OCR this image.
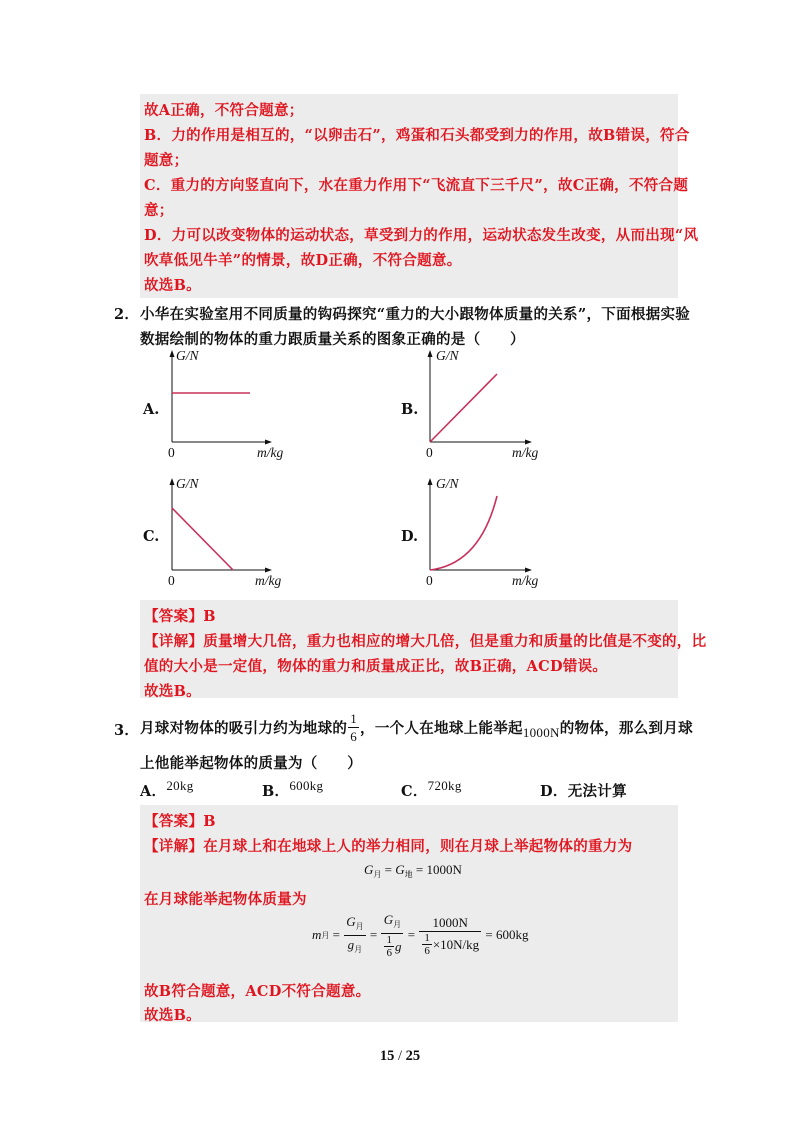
故A正确，不符合题意；
B．力的作用是相互的，“以卵击石”，鸡蛋和石头都受到力的作用，故B错误，符合
题意；
C．重力的方向竖直向下，水在重力作用下“飞流直下三千尺”，故C正确，不符合题
意；
D．力可以改变物体的运动状态，草受到力的作用，运动状态发生改变，从而出现“风
吹草低见牛羊”的情景，故D正确，不符合题意。
故选B。
2． 小华在实验室用不同质量的钩码探究“重力的大小跟物体质量的关系”，下面根据实验
数据绘制的物体的重力跟质量关系的图象正确的是（　　）
A.
G/N
0	m/kg
B.
G/N
0	m/kg
C.
G/N
0	m/kg
D.
G/N
0	m/kg
【答案】B
【详解】质量增大几倍，重力也相应的增大几倍，但是重力和质量的比值是不变的，比
值的大小是一定值，物体的重力和质量成正比，故B正确，ACD错误。
故选B。
3． 月球对物体的吸引力约为地球的 $\frac{1}{6}$ ，一个人在地球上能举起 1000N 的物体，那么到月球
上他能举起物体的质量为（　　）
A．20kg	B．600kg	C．720kg	D．无法计算
【答案】B
【详解】在月球上和在地球上人的举力相同，则在月球上举起物体的重力为
$G_月 = G_地 = 1000N$
在月球能举起物体质量为
m 月 = $\frac{G_月}{g_月} = \frac{G_月}{\frac{1}{6} g} = \frac{1000N}{\frac{1}{6} \times 10N/kg} = 600kg$
故B符合题意，ACD不符合题意。
故选B。
15 / 25
